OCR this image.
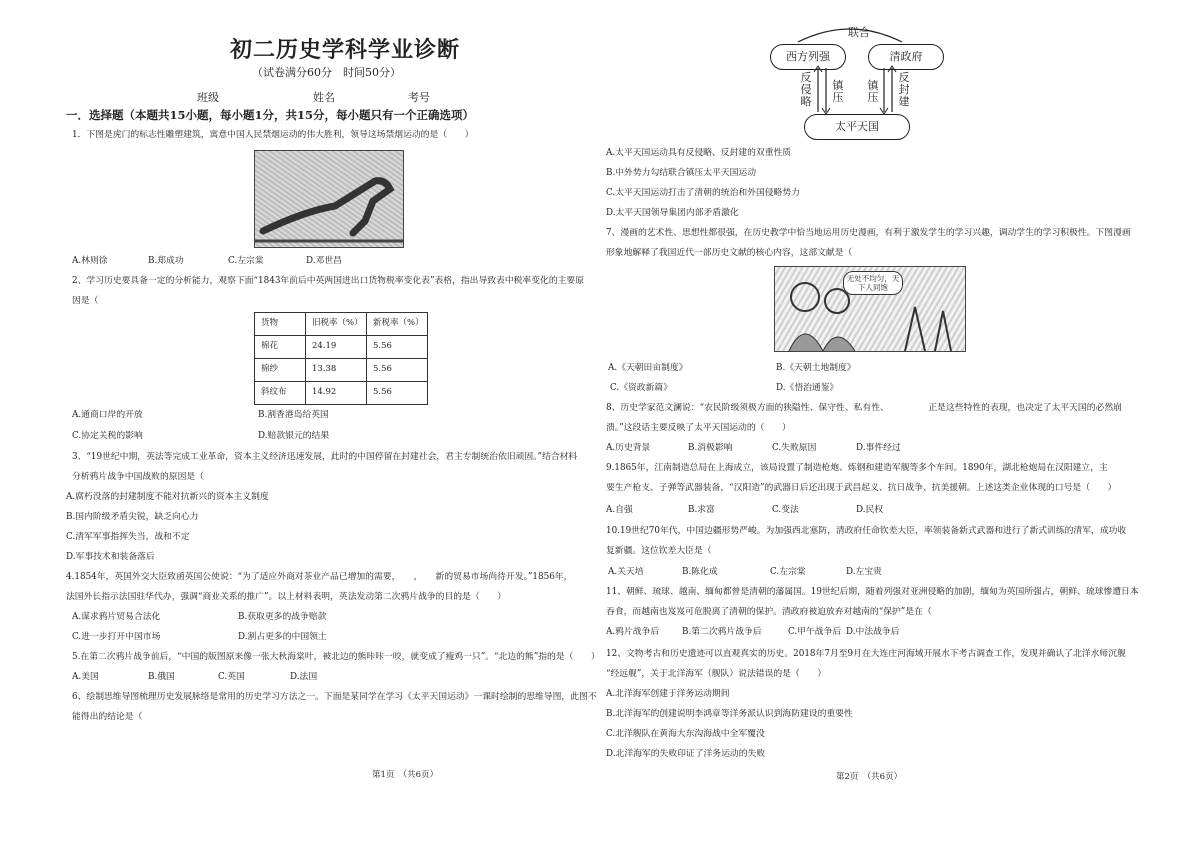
初二历史学科学业诊断
（试卷满分60分　时间50分）
班级	姓名	考号
一．选择题（本题共15小题，每小题1分，共15分，每小题只有一个正确选项）
1．下图是虎门的标志性雕塑建筑，寓意中国人民禁烟运动的伟大胜利，领导这场禁烟运动的是（　　）
A.林则徐	B.郑成功	C.左宗棠	D.邓世昌
2、学习历史要具备一定的分析能力，观察下面“1843年前后中英两国进出口货物税率变化表”表格，指出导致表中税率变化的主要原
因是（
货物	旧税率（%）	新税率（%）
棉花	24.19	5.56
棉纱	13.38	5.56
斜纹布	14.92	5.56
A.通商口岸的开放	B.割香港岛给英国
C.协定关税的影响	D.赔款银元的结果
3、“19世纪中期，英法等完成工业革命，资本主义经济迅速发展，此时的中国停留在封建社会，君主专制统治依旧顽固。”结合材料
分析鸦片战争中国战败的原因是（
A.腐朽没落的封建制度不能对抗新兴的资本主义制度
B.国内阶级矛盾尖锐，缺乏向心力
C.清军军事指挥失当，战和不定
D.军事技术和装备落后
4.1854年，英国外交大臣致函英国公使说：“为了适应外商对茶业产品已增加的需要，　　，　　新的贸易市场尚待开发。”1856年，
法国外长指示法国驻华代办，强调“商业关系的推广”。以上材料表明，英法发动第二次鸦片战争的目的是（　　）
A.谋求鸦片贸易合法化	B.获取更多的战争赔款
C.进一步打开中国市场	D.割占更多的中国领土
5.在第二次鸦片战争前后，“中国的版图原来像一张大秋海棠叶，被北边的熊咔咔一咬，就变成了瘦鸡一只”。“北边的熊”指的是（　　）
A.美国	B.俄国	C.英国	D.法国
6、绘制思维导图梳理历史发展脉络是常用的历史学习方法之一。下面是某同学在学习《太平天国运动》一课时绘制的思维导图，此图不
能得出的结论是（
第1页　（共6页）
联合
西方列强	清政府
太平天国
反侵略
镇压
镇压
反封建
A.太平天国运动具有反侵略、反封建的双重性质
B.中外势力勾结联合镇压太平天国运动
C.太平天国运动打击了清朝的统治和外国侵略势力
D.太平天国领导集团内部矛盾激化
7、漫画的艺术性、思想性都很强，在历史教学中恰当地运用历史漫画，有利于激发学生的学习兴趣，调动学生的学习积极性。下图漫画
形象地解释了我国近代一部历史文献的核心内容，这部文献是（
无处不均匀，天下人同饱
A.《天朝田亩制度》	B.《天朝土地制度》
C.《资政新篇》	D.《悟治通鉴》
8、历史学家范文澜说：“农民阶级须极方面的狭隘性、保守性、私有性、　　　　　正是这些特性的表现，也决定了太平天国的必然崩
溃。”这段话主要反映了太平天国运动的（　　）
A.历史背景	B.消极影响	C.失败原因	D.事件经过
9.1865年，江南制造总局在上海成立，该局设置了制造枪炮、炼钢和建造军舰等多个车间。1890年，湖北枪炮局在汉阳建立，主
要生产枪支、子弹等武器装备，“汉阳造”的武器日后还出现于武昌起义、抗日战争、抗美援朝。上述这类企业体现的口号是（　　）
A.自强	B.求富	C.变法	D.民权
10.19世纪70年代，中国边疆形势严峻。为加强西北塞防，清政府任命钦差大臣，率领装备新式武器和进行了新式训练的清军，成功收
复新疆。这位钦差大臣是（
A.关天培	B.陈化成	C.左宗棠	D.左宝贵
11、朝鲜、琉球、越南、缅甸都曾是清朝的藩属国。19世纪后期，随着列强对亚洲侵略的加剧，缅甸为英国所强占，朝鲜、琉球惨遭日本
吞食，而越南也岌岌可危脱离了清朝的保护。清政府被迫放弃对越南的“保护”是在（
A.鸦片战争后	B.第二次鸦片战争后	C.甲午战争后 D.中法战争后
12、文物考古和历史遗迹可以直观真实的历史。2018年7月至9月在大连庄河海域开展水下考古调查工作，发现并确认了北洋水师沉舰
“经远舰”，关于北洋海军（舰队）说法错误的是（　　）
A.北洋海军创建于洋务运动期间
B.北洋海军的创建说明李鸿章等洋务派认识到海防建设的重要性
C.北洋舰队在黄海大东沟海战中全军覆没
D.北洋海军的失败印证了洋务运动的失败
第2页　（共6页）
